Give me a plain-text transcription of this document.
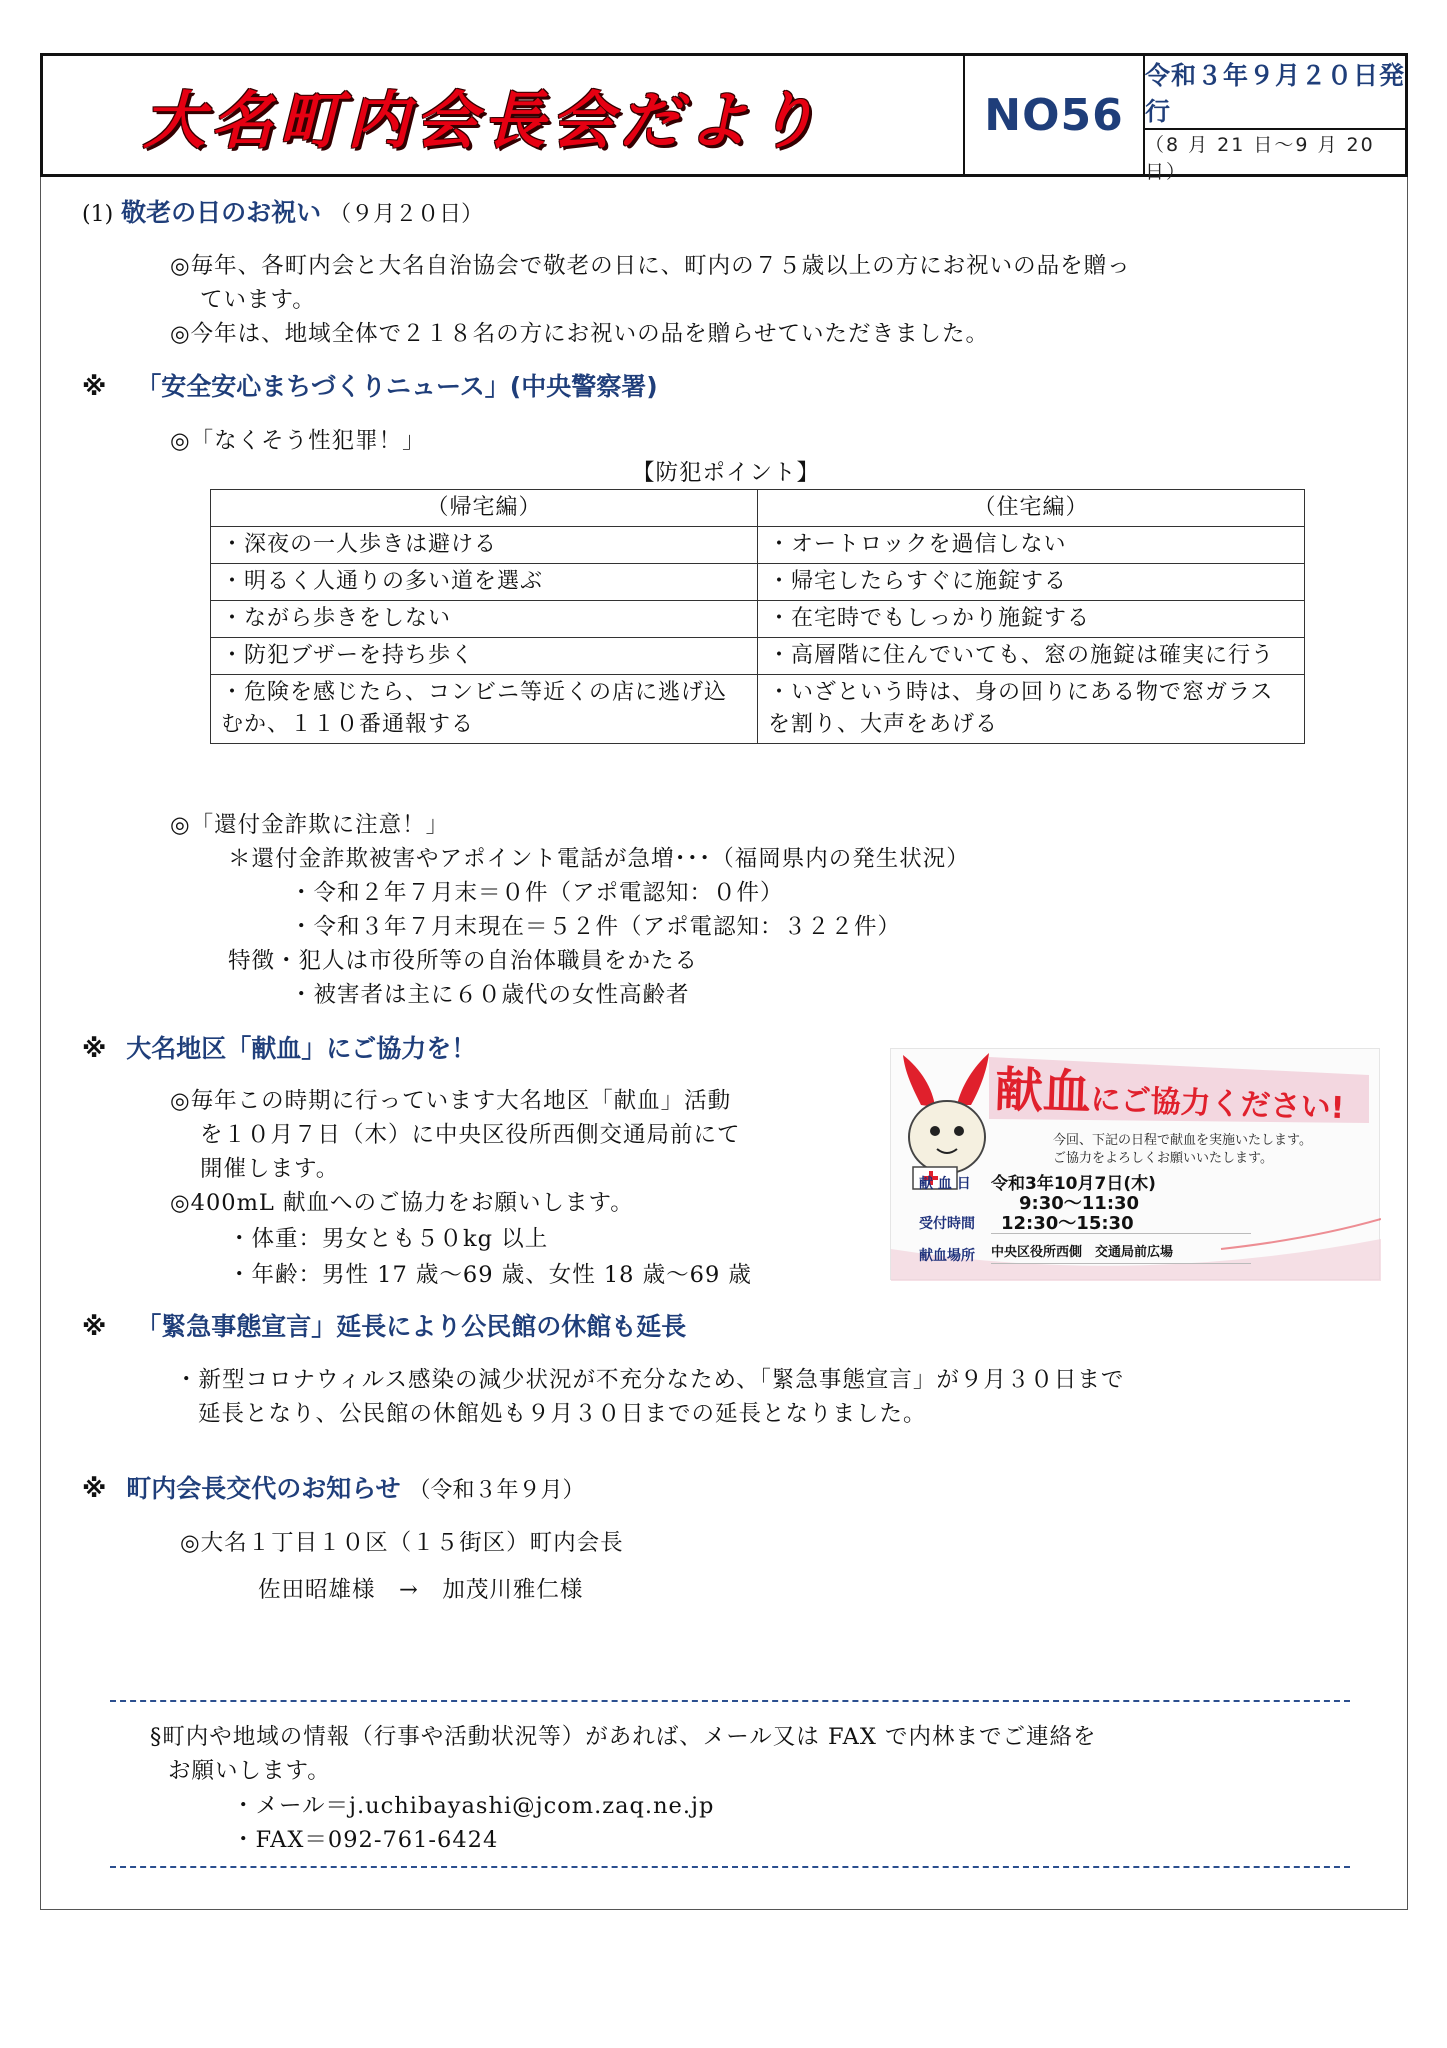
大名町内会長会だより	NO56
令和３年９月２０日発行
（8 月 21 日～9 月 20 日）
(1) 敬老の日のお祝い （９月２０日）
◎毎年、各町内会と大名自治協会で敬老の日に、町内の７５歳以上の方にお祝いの品を贈っ
ています。
◎今年は、地域全体で２１８名の方にお祝いの品を贈らせていただきました。
※ 「安全安心まちづくりニュース」(中央警察署)
◎「なくそう性犯罪！」
【防犯ポイント】
（帰宅編）	（住宅編）
・深夜の一人歩きは避ける	・オートロックを過信しない
・明るく人通りの多い道を選ぶ	・帰宅したらすぐに施錠する
・ながら歩きをしない	・在宅時でもしっかり施錠する
・防犯ブザーを持ち歩く	・高層階に住んでいても、窓の施錠は確実に行う
・危険を感じたら、コンビニ等近くの店に逃げ込むか、１１０番通報する	・いざという時は、身の回りにある物で窓ガラスを割り、大声をあげる
◎「還付金詐欺に注意！」
＊還付金詐欺被害やアポイント電話が急増･･･（福岡県内の発生状況）
・令和２年７月末＝０件（アポ電認知：０件）
・令和３年７月末現在＝５２件（アポ電認知：３２２件）
特徴・犯人は市役所等の自治体職員をかたる
・被害者は主に６０歳代の女性高齢者
※ 大名地区「献血」にご協力を！
◎毎年この時期に行っています大名地区「献血」活動
を１０月７日（木）に中央区役所西側交通局前にて
開催します。
◎400mL 献血へのご協力をお願いします。
・体重：男女とも５０kg 以上
・年齢：男性 17 歳～69 歳、女性 18 歳～69 歳
献血にご協力ください!
今回、下記の日程で献血を実施いたします。
ご協力をよろしくお願いいたします。
献 血 日 令和3年10月7日(木)
9:30～11:30
受付時間 12:30～15:30
献血場所 中央区役所西側　交通局前広場
※ 「緊急事態宣言」延長により公民館の休館も延長
・新型コロナウィルス感染の減少状況が不充分なため、「緊急事態宣言」が９月３０日まで
延長となり、公民館の休館処も９月３０日までの延長となりました。
※ 町内会長交代のお知らせ （令和３年９月）
◎大名１丁目１０区（１５街区）町内会長
佐田昭雄様　→　加茂川雅仁様
§町内や地域の情報（行事や活動状況等）があれば、メール又は FAX で内林までご連絡を
お願いします。
・メール＝j.uchibayashi@jcom.zaq.ne.jp
・FAX＝092‐761‐6424
